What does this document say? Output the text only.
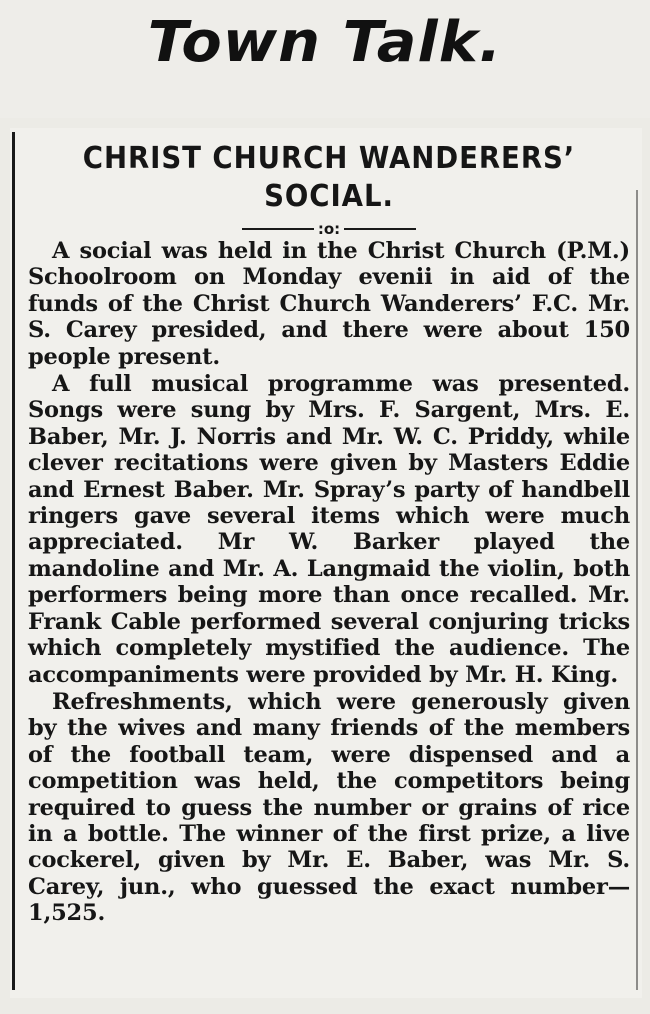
Town Talk.
CHRIST CHURCH WANDERERS’
SOCIAL.
:o:

A social was held in the Christ Church (P.M.) Schoolroom on Monday evenii in aid of the funds of the Christ Church Wanderers’ F.C. Mr. S. Carey presided, and there were about 150 people present.

A full musical programme was presented. Songs were sung by Mrs. F. Sargent, Mrs. E. Baber, Mr. J. Norris and Mr. W. C. Priddy, while clever recitations were given by Masters Eddie and Ernest Baber. Mr. Spray’s party of handbell ringers gave several items which were much appreciated. Mr W. Barker played the mandoline and Mr. A. Langmaid the violin, both performers being more than once recalled. Mr. Frank Cable performed several conjuring tricks which completely mystified the audience. The accompaniments were provided by Mr. H. King.

Refreshments, which were generously given by the wives and many friends of the members of the football team, were dispensed and a competition was held, the competitors being required to guess the number or grains of rice in a bottle. The winner of the first prize, a live cockerel, given by Mr. E. Baber, was Mr. S. Carey, jun., who guessed the exact number—1,525.
